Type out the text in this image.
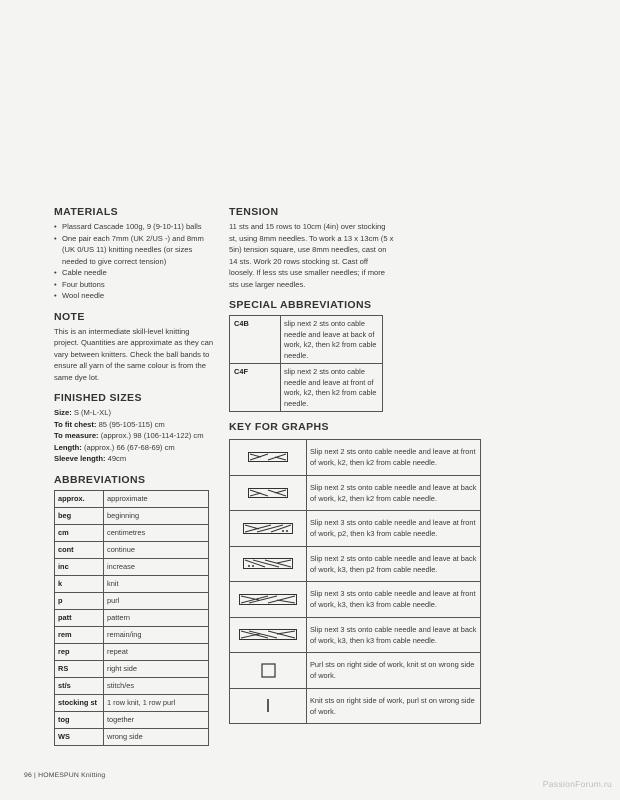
MATERIALS
• Plassard Cascade 100g, 9 (9-10-11) balls
• One pair each 7mm (UK 2/US -) and 8mm (UK 0/US 11) knitting needles (or sizes needed to give correct tension)
• Cable needle
• Four buttons
• Wool needle
NOTE

This is an intermediate skill-level knitting project. Quantities are approximate as they can vary between knitters. Check the ball bands to ensure all yarn of the same colour is from the same dye lot.

FINISHED SIZES
Size: S (M-L-XL)
To fit chest: 85 (95-105-115) cm
To measure: (approx.) 98 (106-114-122) cm
Length: (approx.) 66 (67-68-69) cm
Sleeve length: 49cm
ABBREVIATIONS
approx.	approximate
beg	beginning
cm	centimetres
cont	continue
inc	increase
k	knit
p	purl
patt	pattern
rem	remain/ing
rep	repeat
RS	right side
st/s	stitch/es
stocking st	1 row knit, 1 row purl
tog	together
WS	wrong side
TENSION

11 sts and 15 rows to 10cm (4in) over stocking st, using 8mm needles. To work a 13 x 13cm (5 x 5in) tension square, use 8mm needles, cast on 14 sts. Work 20 rows stocking st. Cast off loosely. If less sts use smaller needles; if more sts use larger needles.

SPECIAL ABBREVIATIONS
C4B	slip next 2 sts onto cable needle and leave at back of work, k2, then k2 from cable needle.
C4F	slip next 2 sts onto cable needle and leave at front of work, k2, then k2 from cable needle.
KEY FOR GRAPHS
	Slip next 2 sts onto cable needle and leave at front of work, k2, then k2 from cable needle.

	Slip next 2 sts onto cable needle and leave at back of work, k2, then k2 from cable needle.

	Slip next 3 sts onto cable needle and leave at front of work, p2, then k3 from cable needle.

	Slip next 2 sts onto cable needle and leave at back of work, k3, then p2 from cable needle.

	Slip next 3 sts onto cable needle and leave at front of work, k3, then k3 from cable needle.

	Slip next 3 sts onto cable needle and leave at back of work, k3, then k3 from cable needle.

	Purl sts on right side of work, knit st on wrong side of work.

	Knit sts on right side of work, purl st on wrong side of work.
96 | HOMESPUN Knitting
PassionForum.ru
